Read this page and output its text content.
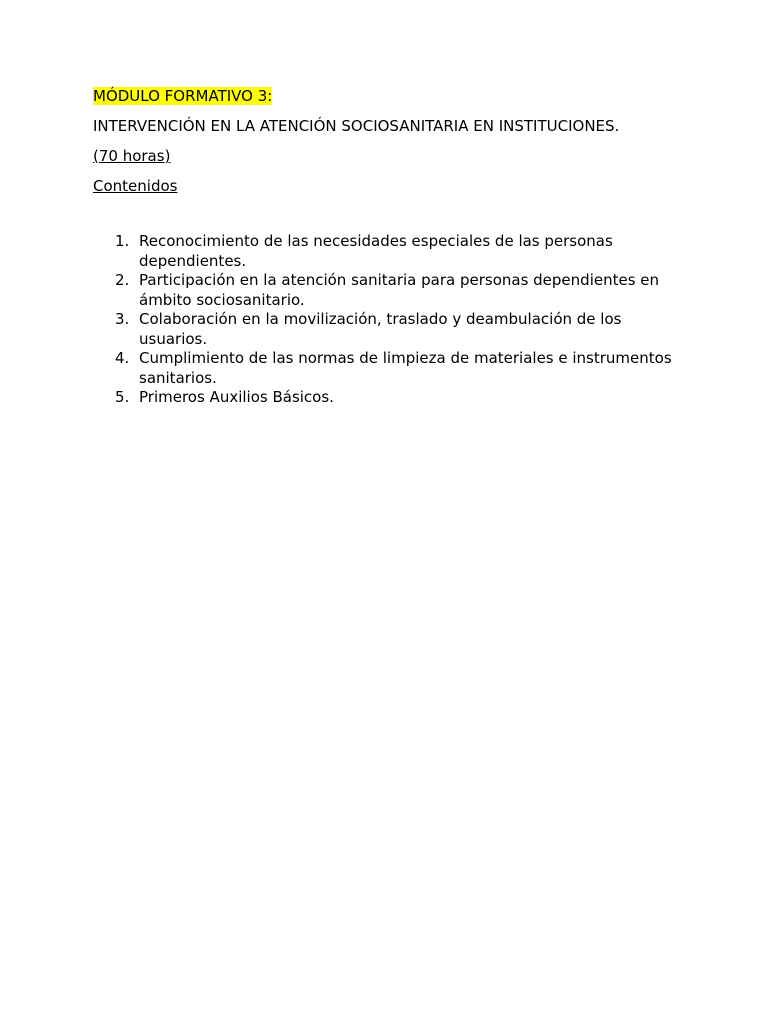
MÓDULO FORMATIVO 3:
INTERVENCIÓN EN LA ATENCIÓN SOCIOSANITARIA EN INSTITUCIONES.
(70 horas)
Contenidos
1. Reconocimiento de las necesidades especiales de las personas dependientes.
2. Participación en la atención sanitaria para personas dependientes en ámbito sociosanitario.
3. Colaboración en la movilización, traslado y deambulación de los usuarios.
4. Cumplimiento de las normas de limpieza de materiales e instrumentos sanitarios.
5. Primeros Auxilios Básicos.
